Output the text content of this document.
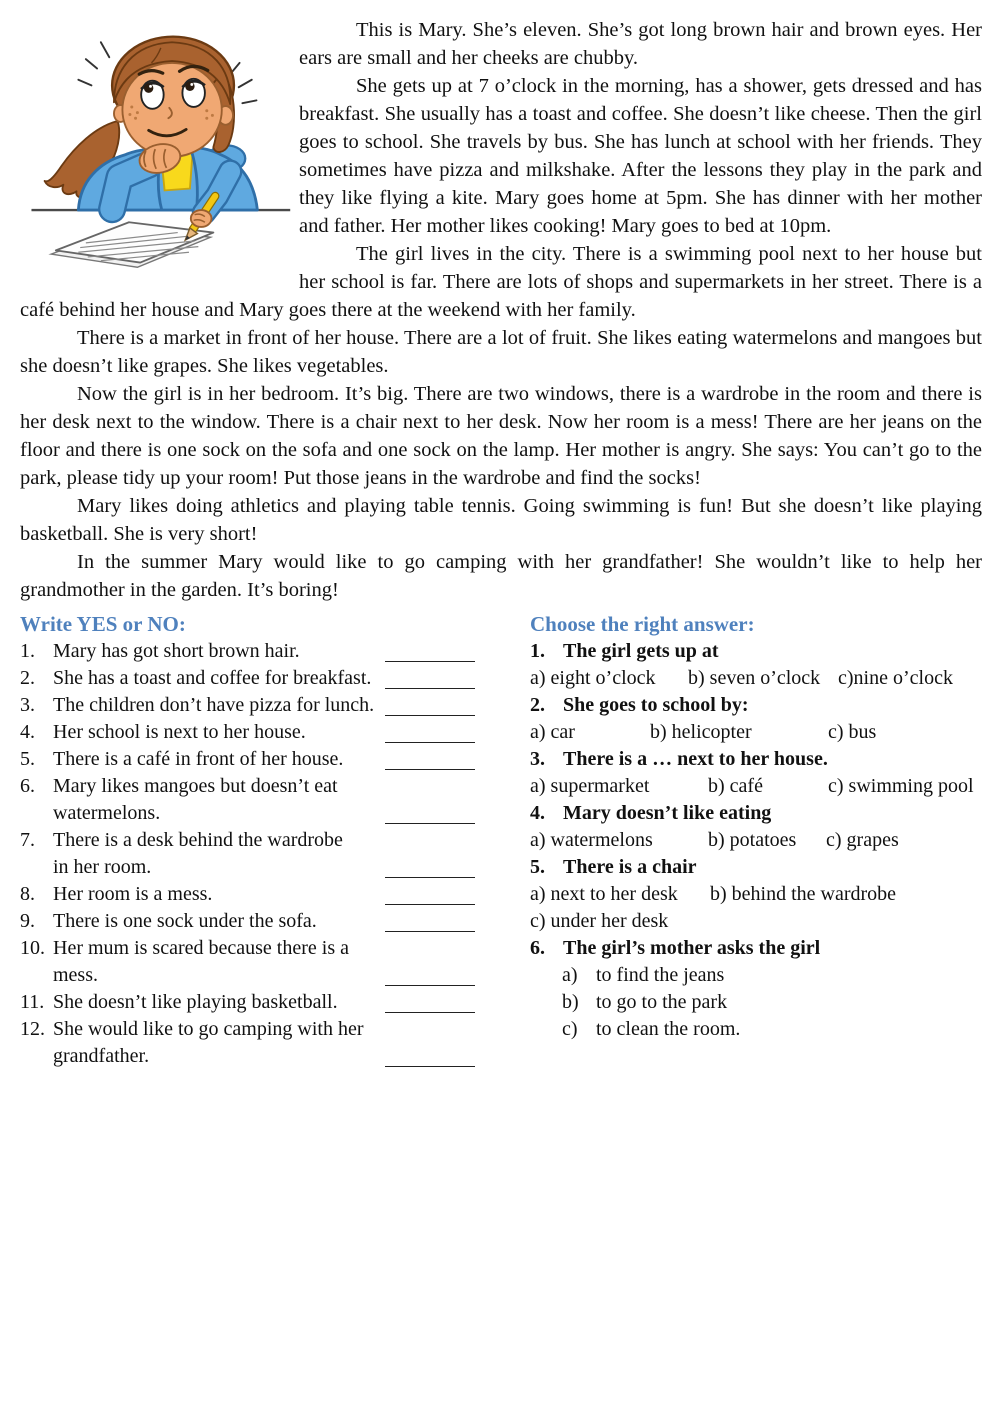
This is Mary. She’s eleven. She’s got long brown hair and brown eyes. Her ears are small and her cheeks are chubby.

She gets up at 7 o’clock in the morning, has a shower, gets dressed and has breakfast. She usually has a toast and coffee. She doesn’t like cheese. Then the girl goes to school. She travels by bus. She has lunch at school with her friends. They sometimes have pizza and milkshake. After the lessons they play in the park and they like flying a kite. Mary goes home at 5pm. She has dinner with her mother and father. Her mother likes cooking! Mary goes to bed at 10pm.

The girl lives in the city. There is a swimming pool next to her house but her school is far. There are lots of shops and supermarkets in her street. There is a café behind her house and Mary goes there at the weekend with her family.

There is a market in front of her house. There are a lot of fruit. She likes eating watermelons and mangoes but she doesn’t like grapes. She likes vegetables.

Now the girl is in her bedroom. It’s big. There are two windows, there is a wardrobe in the room and there is her desk next to the window. There is a chair next to her desk. Now her room is a mess! There are her jeans on the floor and there is one sock on the sofa and one sock on the lamp. Her mother is angry. She says: You can’t go to the park, please tidy up your room! Put those jeans in the wardrobe and find the socks!

Mary likes doing athletics and playing table tennis. Going swimming is fun! But she doesn’t like playing basketball. She is very short!

In the summer Mary would like to go camping with her grandfather! She wouldn’t like to help her grandmother in the garden. It’s boring!

Write YES or NO:
1. Mary has got short brown hair.
2. She has a toast and coffee for breakfast.
3. The children don’t have pizza for lunch.
4. Her school is next to her house.
5. There is a café in front of her house.
6. Mary likes mangoes but doesn’t eat
watermelons.
7. There is a desk behind the wardrobe
in her room.
8. Her room is a mess.
9. There is one sock under the sofa.
10. Her mum is scared because there is a
mess.
11. She doesn’t like playing basketball.
12. She would like to go camping with her
grandfather.
Choose the right answer:
1. The girl gets up at
a) eight o’clock	b) seven o’clock c)nine o’clock
2. She goes to school by:
a) car	b) helicopter	c) bus
3. There is a … next to her house.
a) supermarket	b) café	c) swimming pool
4. Mary doesn’t like eating
a) watermelons	b) potatoes	c) grapes
5. There is a chair
a) next to her desk	b) behind the wardrobe
c) under her desk
6. The girl’s mother asks the girl
a) to find the jeans
b) to go to the park
c) to clean the room.
